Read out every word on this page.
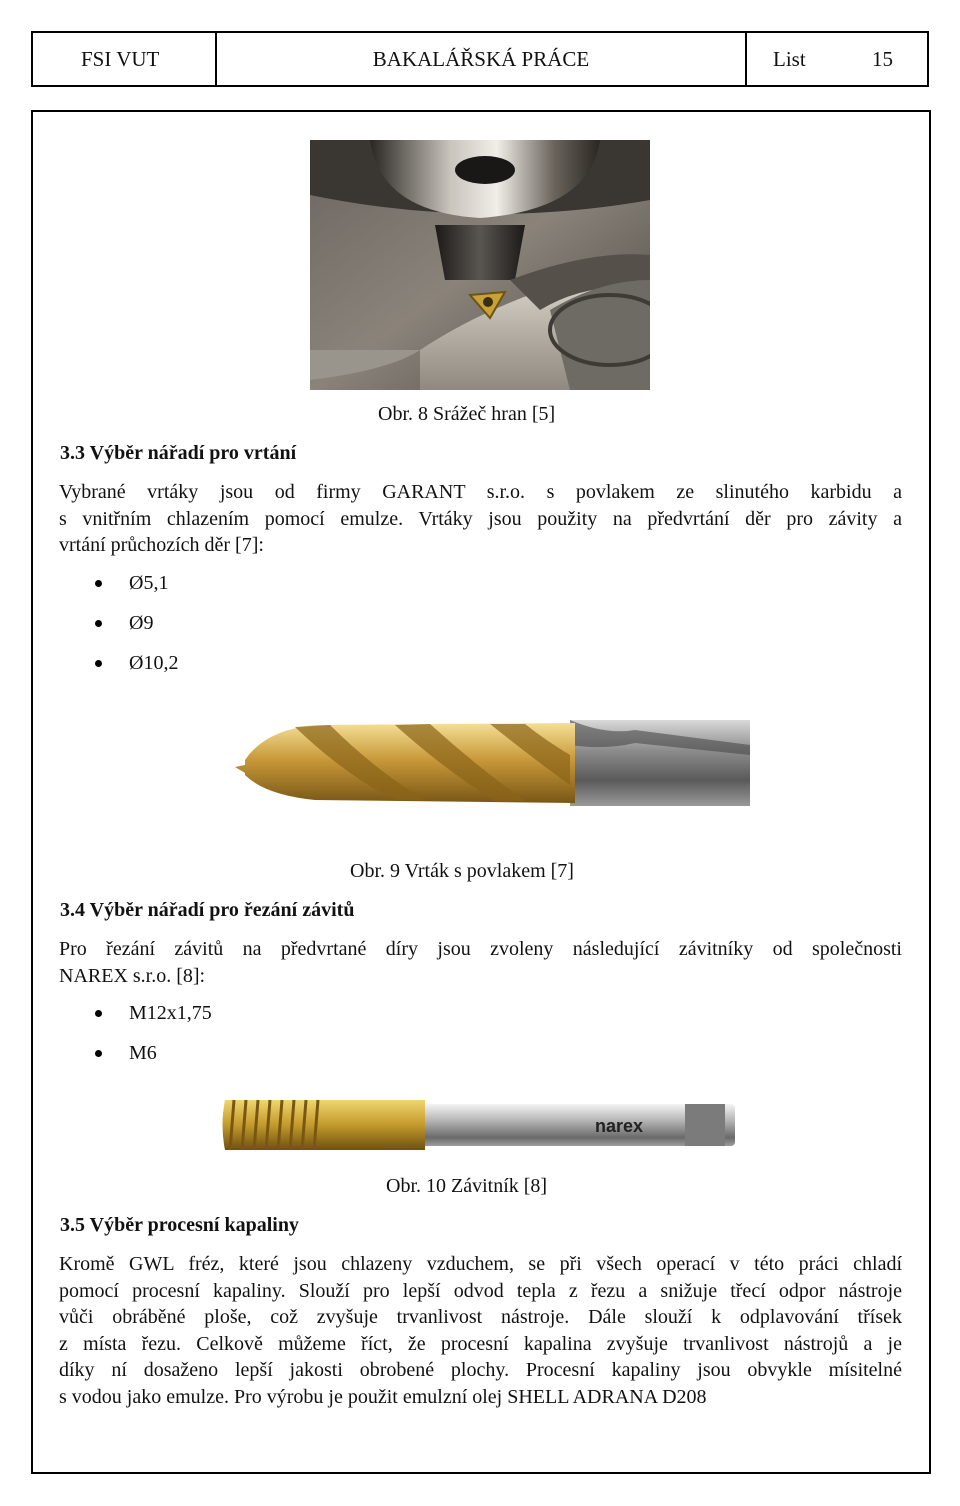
FSI VUT	BAKALÁŘSKÁ PRÁCE	List	15
Obr. 8 Srážeč hran [5]
3.3 Výběr nářadí pro vrtání
Vybrané vrtáky jsou od firmy GARANT s.r.o. s povlakem ze slinutého karbidu a
s vnitřním chlazením pomocí emulze. Vrtáky jsou použity na předvrtání děr pro závity a
vrtání průchozích děr [7]:
Ø5,1
Ø9
Ø10,2
Obr. 9 Vrták s povlakem [7]
3.4 Výběr nářadí pro řezání závitů
Pro řezání závitů na předvrtané díry jsou zvoleny následující závitníky od společnosti
NAREX s.r.o. [8]:
M12x1,75
M6
narex
Obr. 10 Závitník [8]
3.5 Výběr procesní kapaliny
Kromě GWL fréz, které jsou chlazeny vzduchem, se při všech operací v této práci chladí
pomocí procesní kapaliny. Slouží pro lepší odvod tepla z řezu a snižuje třecí odpor nástroje
vůči obráběné ploše, což zvyšuje trvanlivost nástroje. Dále slouží k odplavování třísek
z místa řezu. Celkově můžeme říct, že procesní kapalina zvyšuje trvanlivost nástrojů a je
díky ní dosaženo lepší jakosti obrobené plochy. Procesní kapaliny jsou obvykle mísitelné
s vodou jako emulze. Pro výrobu je použit emulzní olej SHELL ADRANA D208
